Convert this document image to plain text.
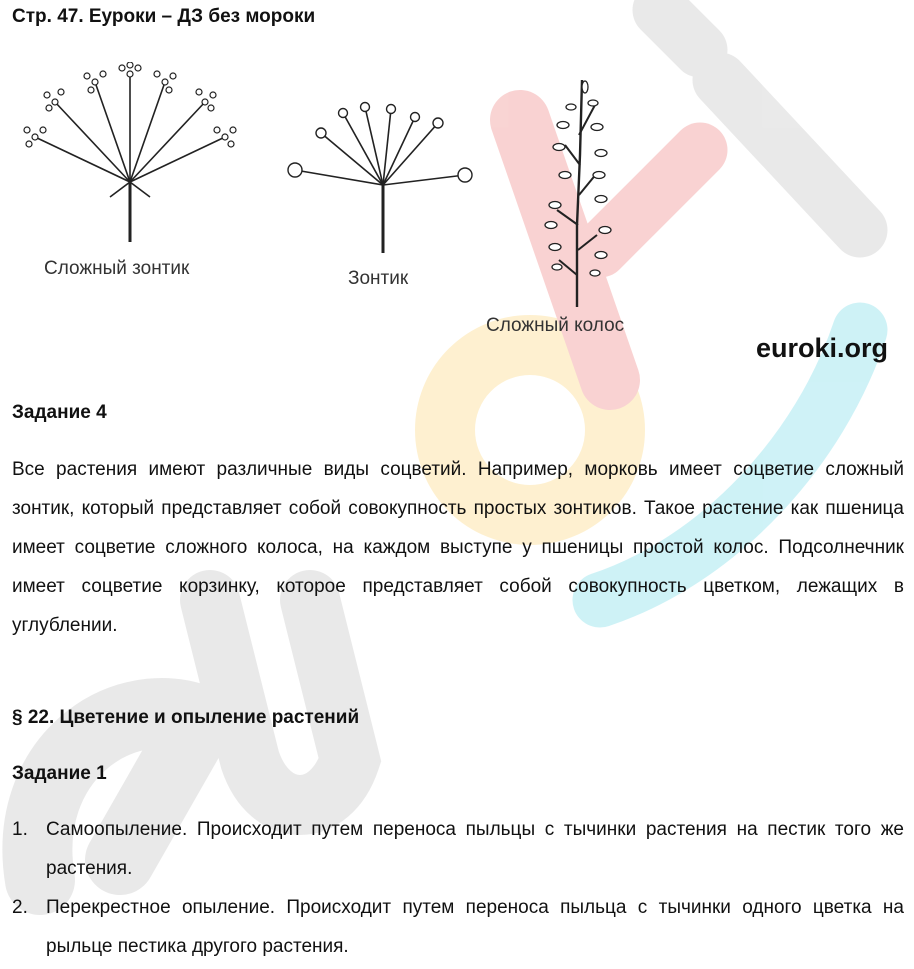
Стр. 47. Еуроки – ДЗ без мороки
Сложный зонтик	Зонтик
Сложный колос
euroki.org
Задание 4

Все растения имеют различные виды соцветий. Например, морковь имеет соцветие сложный зонтик, который представляет собой совокупность простых зонтиков. Такое растение как пшеница имеет соцветие сложного колоса, на каждом выступе у пшеницы простой колос. Подсолнечник имеет соцветие корзинку, которое представляет собой совокупность цветком, лежащих в углублении.

§ 22. Цветение и опыление растений
Задание 1
1. Самоопыление. Происходит путем переноса пыльцы с тычинки растения на пестик того же растения.
2. Перекрестное опыление. Происходит путем переноса пыльца с тычинки одного цветка на рыльце пестика другого растения.
